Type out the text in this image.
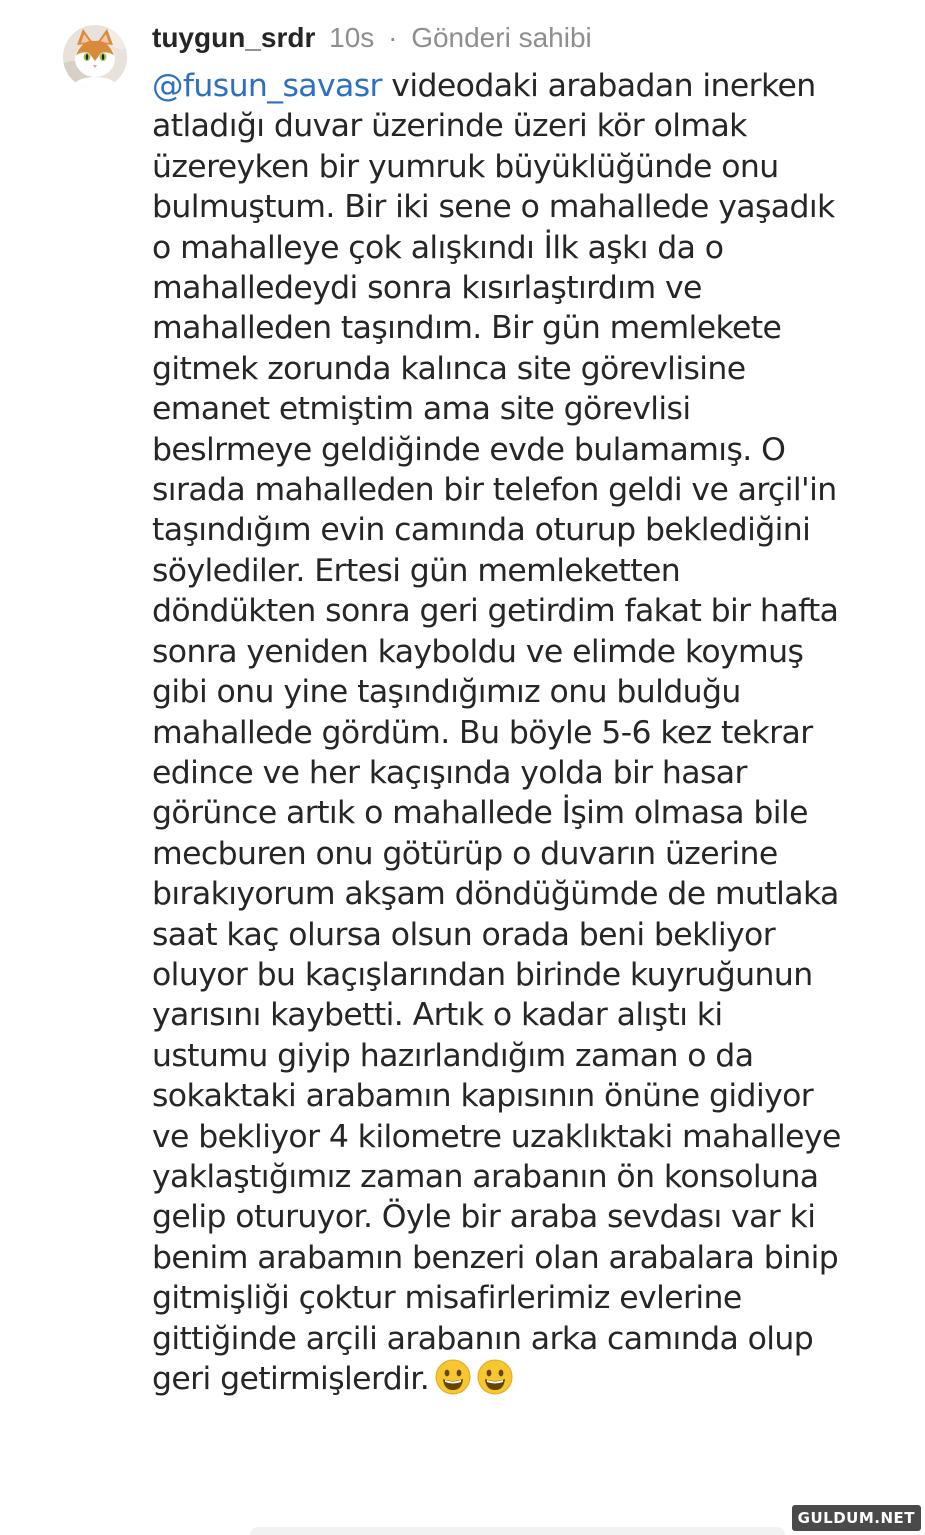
tuygun_srdr 10s · Gönderi sahibi

@fusun_savasr videodaki arabadan inerken atladığı duvar üzerinde üzeri kör olmak üzereyken bir yumruk büyüklüğünde onu bulmuştum. Bir iki sene o mahallede yaşadık o mahalleye çok alışkındı İlk aşkı da o mahalledeydi sonra kısırlaştırdım ve mahalleden taşındım. Bir gün memlekete gitmek zorunda kalınca site görevlisine emanet etmiştim ama site görevlisi beslrmeye geldiğinde evde bulamamış. O sırada mahalleden bir telefon geldi ve arçil'in taşındığım evin camında oturup beklediğini söylediler. Ertesi gün memleketten döndükten sonra geri getirdim fakat bir hafta sonra yeniden kayboldu ve elimde koymuş gibi onu yine taşındığımız onu bulduğu mahallede gördüm. Bu böyle 5-6 kez tekrar edince ve her kaçışında yolda bir hasar görünce artık o mahallede İşim olmasa bile mecburen onu götürüp o duvarın üzerine bırakıyorum akşam döndüğümde de mutlaka saat kaç olursa olsun orada beni bekliyor oluyor bu kaçışlarından birinde kuyruğunun yarısını kaybetti. Artık o kadar alıştı ki ustumu giyip hazırlandığım zaman o da sokaktaki arabamın kapısının önüne gidiyor ve bekliyor 4 kilometre uzaklıktaki mahalleye yaklaştığımız zaman arabanın ön konsoluna gelip oturuyor. Öyle bir araba sevdası var ki benim arabamın benzeri olan arabalara binip gitmişliği çoktur misafirlerimiz evlerine gittiğinde arçili arabanın arka camında olup geri getirmişlerdir.

GULDUM.NET
